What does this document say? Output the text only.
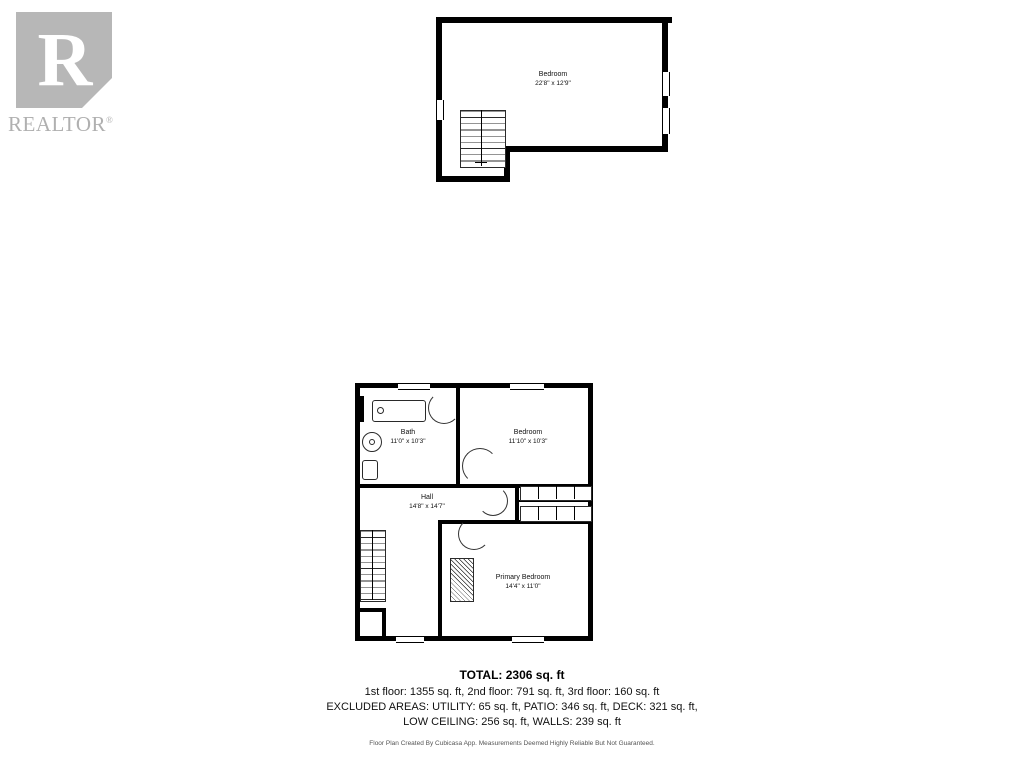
R
REALTOR®
Bedroom
22'8" x 12'9"
Bath
11'0" x 10'3"
Bedroom
11'10" x 10'3"
Hall
14'8" x 14'7"
Primary Bedroom
14'4" x 11'0"
TOTAL: 2306 sq. ft
1st floor: 1355 sq. ft, 2nd floor: 791 sq. ft, 3rd floor: 160 sq. ft
EXCLUDED AREAS: UTILITY: 65 sq. ft, PATIO: 346 sq. ft, DECK: 321 sq. ft,
LOW CEILING: 256 sq. ft, WALLS: 239 sq. ft
Floor Plan Created By Cubicasa App. Measurements Deemed Highly Reliable But Not Guaranteed.
